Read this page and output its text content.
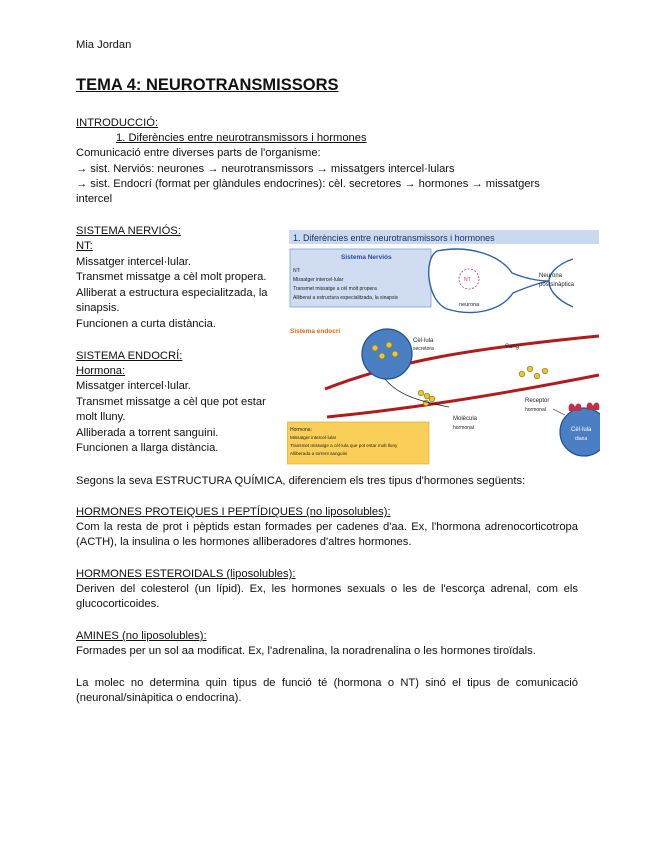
Mia Jordan
TEMA 4: NEUROTRANSMISSORS
INTRODUCCIÓ:
1. Diferències entre neurotransmissors i hormones
Comunicació entre diverses parts de l'organisme:
→ sist. Nerviós: neurones → neurotransmissors → missatgers intercel·lulars
→ sist. Endocrí (format per glàndules endocrines): cèl. secretores → hormones → missatgers
intercel
SISTEMA NERVIÓS:
NT:
Missatger intercel·lular.
Transmet missatge a cèl molt propera.
Alliberat a estructura especialitzada, la
sinapsis.
Funcionen a curta distància.
SISTEMA ENDOCRÍ:
Hormona:
Missatger intercel·lular.
Transmet missatge a cèl que pot estar
molt lluny.
Alliberada a torrent sanguini.
Funcionen a llarga distància.
1. Diferències entre neurotransmissors i hormones
Sistema Nerviós
NT:
Missatger intercel·lular
Transmet missatge a cèl molt propera
Alliberat a estructura especialitzada, la sinapsis
NT
neurona
Neurona
postsinàptica
Sistema endocrí
Cèl·lula
secretora	Sang
Molècula
hormonal
Receptor
hormonal
Cèl·lula
diana
Hormona:
Missatger intercel·lular
Transmet missatge a cèl·lula que pot estar molt lluny
Alliberada a torrent sanguini
Segons la seva ESTRUCTURA QUÍMICA, diferenciem els tres tipus d'hormones següents:
HORMONES PROTEIQUES I PEPTÍDIQUES (no liposolubles):
Com la resta de prot i pèptids estan formades per cadenes d'aa. Ex, l'hormona adrenocorticotropa (ACTH), la insulina o les hormones alliberadores d'altres hormones.
HORMONES ESTEROIDALS (liposolubles):
Deriven del colesterol (un lípid). Ex, les hormones sexuals o les de l'escorça adrenal, com els glucocorticoides.
AMINES (no liposolubles):
Formades per un sol aa modificat. Ex, l'adrenalina, la noradrenalina o les hormones tiroïdals.
La molec no determina quin tipus de funció té (hormona o NT) sinó el tipus de comunicació (neuronal/sinàpitica o endocrina).
